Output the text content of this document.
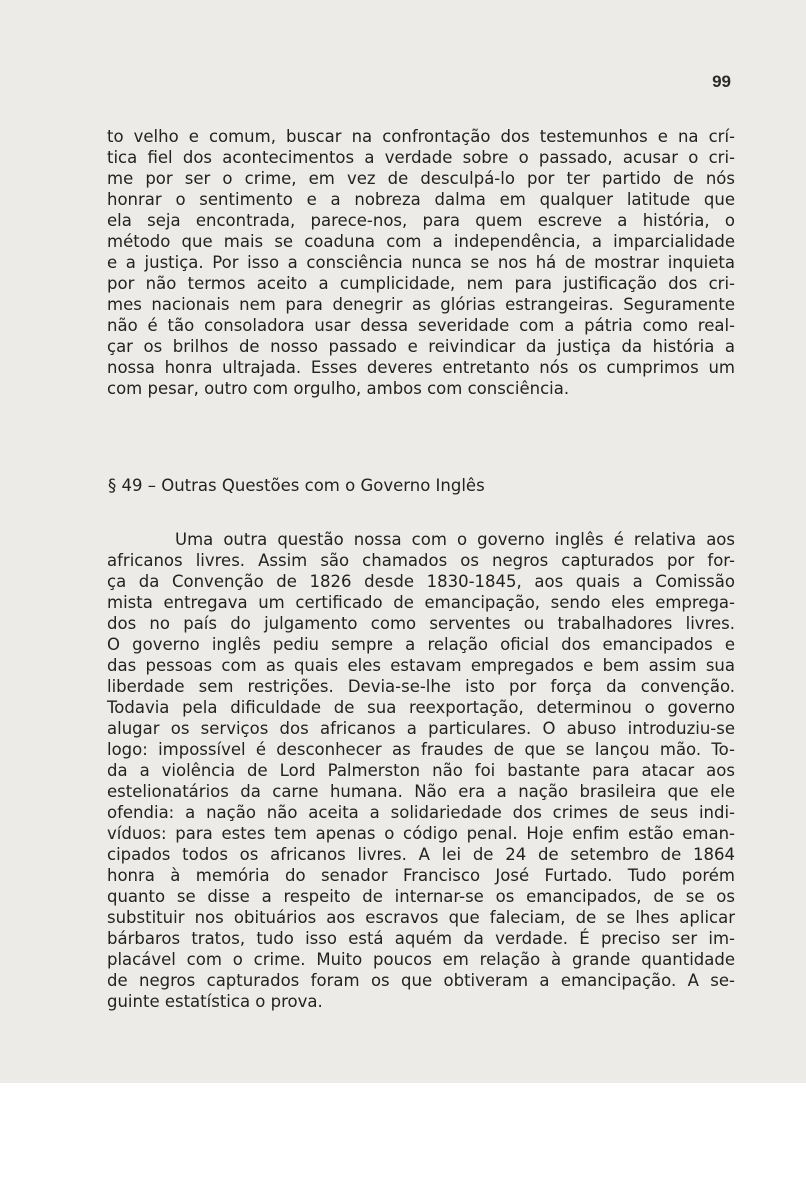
99
to velho e comum, buscar na confrontação dos testemunhos e na crí-
tica fiel dos acontecimentos a verdade sobre o passado, acusar o cri-
me por ser o crime, em vez de desculpá-lo por ter partido de nós
honrar o sentimento e a nobreza dalma em qualquer latitude que
ela seja encontrada, parece-nos, para quem escreve a história, o
método que mais se coaduna com a independência, a imparcialidade
e a justiça. Por isso a consciência nunca se nos há de mostrar inquieta
por não termos aceito a cumplicidade, nem para justificação dos cri-
mes nacionais nem para denegrir as glórias estrangeiras. Seguramente
não é tão consoladora usar dessa severidade com a pátria como real-
çar os brilhos de nosso passado e reivindicar da justiça da história a
nossa honra ultrajada. Esses deveres entretanto nós os cumprimos um
com pesar, outro com orgulho, ambos com consciência.
§ 49 – Outras Questões com o Governo Inglês
Uma outra questão nossa com o governo inglês é relativa aos
africanos livres. Assim são chamados os negros capturados por for-
ça da Convenção de 1826 desde 1830-1845, aos quais a Comissão
mista entregava um certificado de emancipação, sendo eles emprega-
dos no país do julgamento como serventes ou trabalhadores livres.
O governo inglês pediu sempre a relação oficial dos emancipados e
das pessoas com as quais eles estavam empregados e bem assim sua
liberdade sem restrições. Devia-se-lhe isto por força da convenção.
Todavia pela dificuldade de sua reexportação, determinou o governo
alugar os serviços dos africanos a particulares. O abuso introduziu-se
logo: impossível é desconhecer as fraudes de que se lançou mão. To-
da a violência de Lord Palmerston não foi bastante para atacar aos
estelionatários da carne humana. Não era a nação brasileira que ele
ofendia: a nação não aceita a solidariedade dos crimes de seus indi-
víduos: para estes tem apenas o código penal. Hoje enfim estão eman-
cipados todos os africanos livres. A lei de 24 de setembro de 1864
honra à memória do senador Francisco José Furtado. Tudo porém
quanto se disse a respeito de internar-se os emancipados, de se os
substituir nos obituários aos escravos que faleciam, de se lhes aplicar
bárbaros tratos, tudo isso está aquém da verdade. É preciso ser im-
placável com o crime. Muito poucos em relação à grande quantidade
de negros capturados foram os que obtiveram a emancipação. A se-
guinte estatística o prova.
